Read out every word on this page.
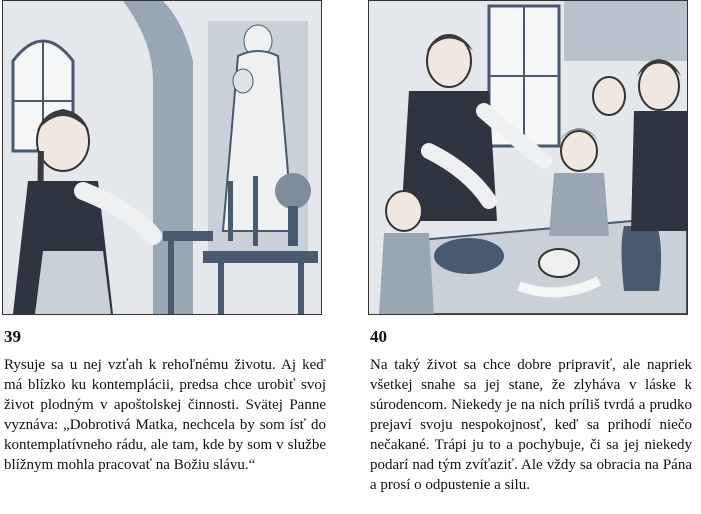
39
Rysuje sa u nej vzťah k rehoľnému životu. Aj keď má blízko ku kontemplácii, predsa chce urobiť svoj život plodným v apoštolskej činnosti. Svätej Panne vyznáva: „Dobrotivá Matka, nechcela by som ísť do kontemplatívneho rádu, ale tam, kde by som v službe blížnym mohla pracovať na Božiu slávu.“
40
Na taký život sa chce dobre pripraviť, ale napriek všetkej snahe sa jej stane, že zlyháva v láske k súrodencom. Niekedy je na nich príliš tvrdá a prudko prejaví svoju nespokojnosť, keď sa prihodí niečo nečakané. Trápi ju to a pochybuje, či sa jej niekedy podarí nad tým zvíťaziť. Ale vždy sa obracia na Pána a prosí o odpustenie a silu.
